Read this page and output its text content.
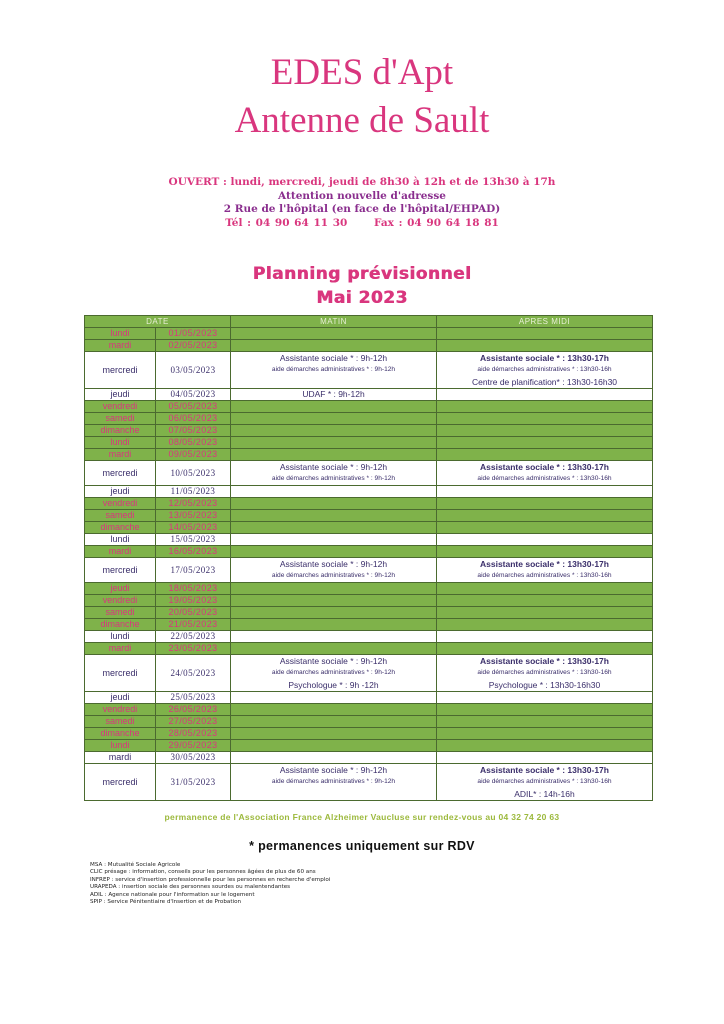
EDES d'Apt
Antenne de Sault
OUVERT : lundi, mercredi, jeudi de 8h30 à 12h et de 13h30 à 17h
Attention nouvelle d'adresse
2 Rue de l'hôpital (en face de l'hôpital/EHPAD)
Tél : 04 90 64 11 30	Fax : 04 90 64 18 81
Planning prévisionnel
Mai 2023
DATE		MATIN	APRES MIDI
lundi	01/05/2023		
mardi	02/05/2023		
mercredi	03/05/2023	Assistante sociale * : 9h-12h
aide démarches administratives * : 9h-12h	Assistante sociale * : 13h30-17h
aide démarches administratives * : 13h30-16h
Centre de planification* : 13h30-16h30

jeudi	04/05/2023	UDAF * : 9h-12h	

vendredi	05/05/2023		
samedi	06/05/2023		
dimanche	07/05/2023		
lundi	08/05/2023		
mardi	09/05/2023		
mercredi	10/05/2023	Assistante sociale * : 9h-12h
aide démarches administratives * : 9h-12h	Assistante sociale * : 13h30-17h
aide démarches administratives * : 13h30-16h

jeudi	11/05/2023		
vendredi	12/05/2023		
samedi	13/05/2023		
dimanche	14/05/2023		
lundi	15/05/2023		
mardi	16/05/2023		
mercredi	17/05/2023	Assistante sociale * : 9h-12h
aide démarches administratives * : 9h-12h	Assistante sociale * : 13h30-17h
aide démarches administratives * : 13h30-16h

jeudi	18/05/2023		
vendredi	19/05/2023		
samedi	20/05/2023		
dimanche	21/05/2023		
lundi	22/05/2023		
mardi	23/05/2023		
mercredi	24/05/2023	Assistante sociale * : 9h-12h
aide démarches administratives * : 9h-12h
Psychologue * : 9h -12h	Assistante sociale * : 13h30-17h
aide démarches administratives * : 13h30-16h
Psychologue * : 13h30-16h30

jeudi	25/05/2023		
vendredi	26/05/2023		
samedi	27/05/2023		
dimanche	28/05/2023		
lundi	29/05/2023		
mardi	30/05/2023		
mercredi	31/05/2023	Assistante sociale * : 9h-12h
aide démarches administratives * : 9h-12h	Assistante sociale * : 13h30-17h
aide démarches administratives * : 13h30-16h
ADIL* : 14h-16h
permanence de l'Association France Alzheimer Vaucluse sur rendez-vous au 04 32 74 20 63
* permanences uniquement sur RDV
MSA : Mutualité Sociale Agricole
CLIC présage : information, conseils pour les personnes âgées de plus de 60 ans
INFREP : service d'insertion professionnelle pour les personnes en recherche d'emploi
URAPEDA : insertion sociale des personnes sourdes ou malentendantes
ADIL : Agence nationale pour l'information sur le logement
SPIP : Service Pénitentiaire d'Insertion et de Probation
